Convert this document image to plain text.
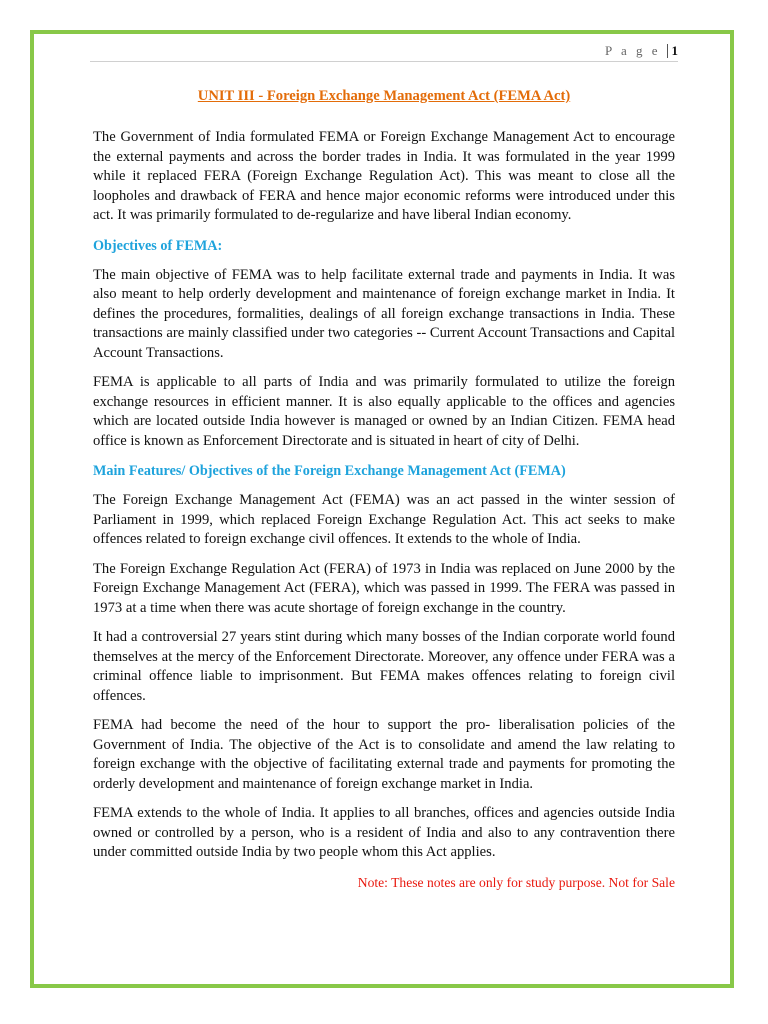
P a g e 1
UNIT III - Foreign Exchange Management Act (FEMA Act)

The Government of India formulated FEMA or Foreign Exchange Management Act to encourage the external payments and across the border trades in India. It was formulated in the year 1999 while it replaced FERA (Foreign Exchange Regulation Act). This was meant to close all the loopholes and drawback of FERA and hence major economic reforms were introduced under this act. It was primarily formulated to de-regularize and have liberal Indian economy.

Objectives of FEMA:

The main objective of FEMA was to help facilitate external trade and payments in India. It was also meant to help orderly development and maintenance of foreign exchange market in India. It defines the procedures, formalities, dealings of all foreign exchange transactions in India. These transactions are mainly classified under two categories -- Current Account Transactions and Capital Account Transactions.

FEMA is applicable to all parts of India and was primarily formulated to utilize the foreign exchange resources in efficient manner. It is also equally applicable to the offices and agencies which are located outside India however is managed or owned by an Indian Citizen. FEMA head office is known as Enforcement Directorate and is situated in heart of city of Delhi.

Main Features/ Objectives of the Foreign Exchange Management Act (FEMA)

The Foreign Exchange Management Act (FEMA) was an act passed in the winter session of Parliament in 1999, which replaced Foreign Exchange Regulation Act. This act seeks to make offences related to foreign exchange civil offences. It extends to the whole of India.

The Foreign Exchange Regulation Act (FERA) of 1973 in India was replaced on June 2000 by the Foreign Exchange Management Act (FERA), which was passed in 1999. The FERA was passed in 1973 at a time when there was acute shortage of foreign exchange in the country.

It had a controversial 27 years stint during which many bosses of the Indian corporate world found themselves at the mercy of the Enforcement Directorate. Moreover, any offence under FERA was a criminal offence liable to imprisonment. But FEMA makes offences relating to foreign civil offences.

FEMA had become the need of the hour to support the pro- liberalisation policies of the Government of India. The objective of the Act is to consolidate and amend the law relating to foreign exchange with the objective of facilitating external trade and payments for promoting the orderly development and maintenance of foreign exchange market in India.

FEMA extends to the whole of India. It applies to all branches, offices and agencies outside India owned or controlled by a person, who is a resident of India and also to any contravention there under committed outside India by two people whom this Act applies.

Note: These notes are only for study purpose. Not for Sale
